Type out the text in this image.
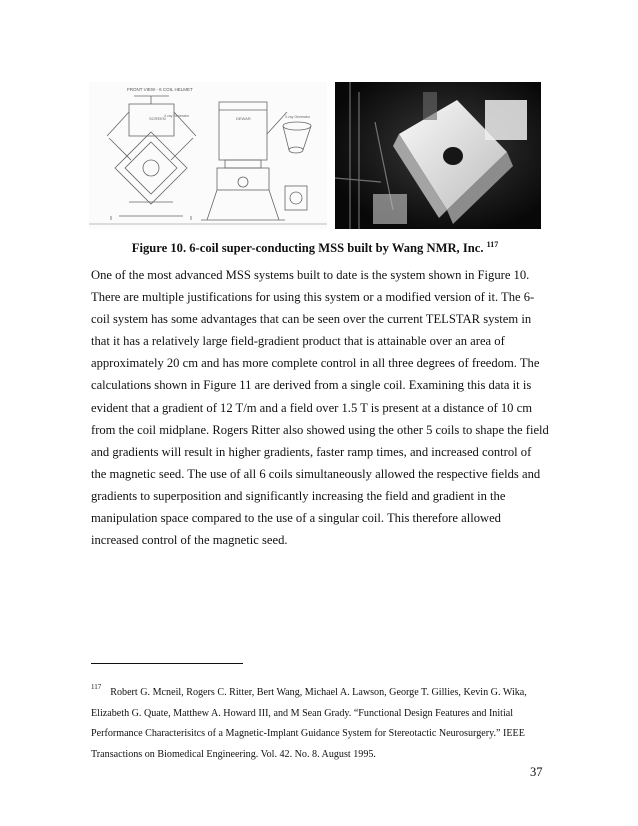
FRONT VIEW - 6 COIL HELMET
SCREEN
X-ray Generator	DEWAR	X-ray Generator
Figure 10. 6-coil super-conducting MSS built by Wang NMR, Inc. $^{117}$

One of the most advanced MSS systems built to date is the system shown in Figure 10. There are multiple justifications for using this system or a modified version of it. The 6-coil system has some advantages that can be seen over the current TELSTAR system in that it has a relatively large field-gradient product that is attainable over an area of approximately 20 cm and has more complete control in all three degrees of freedom. The calculations shown in Figure 11 are derived from a single coil. Examining this data it is evident that a gradient of 12 T/m and a field over 1.5 T is present at a distance of 10 cm from the coil midplane. Rogers Ritter also showed using the other 5 coils to shape the field and gradients will result in higher gradients, faster ramp times, and increased control of the magnetic seed. The use of all 6 coils simultaneously allowed the respective fields and gradients to superposition and significantly increasing the field and gradient in the manipulation space compared to the use of a singular coil. This therefore allowed increased control of the magnetic seed.

$^{117}$ Robert G. Mcneil, Rogers C. Ritter, Bert Wang, Michael A. Lawson, George T. Gillies, Kevin G. Wika, Elizabeth G. Quate, Matthew A. Howard III, and M Sean Grady. “Functional Design Features and Initial Performance Characterisitcs of a Magnetic-Implant Guidance System for Stereotactic Neurosurgery.” IEEE Transactions on Biomedical Engineering. Vol. 42. No. 8. August 1995.

37
